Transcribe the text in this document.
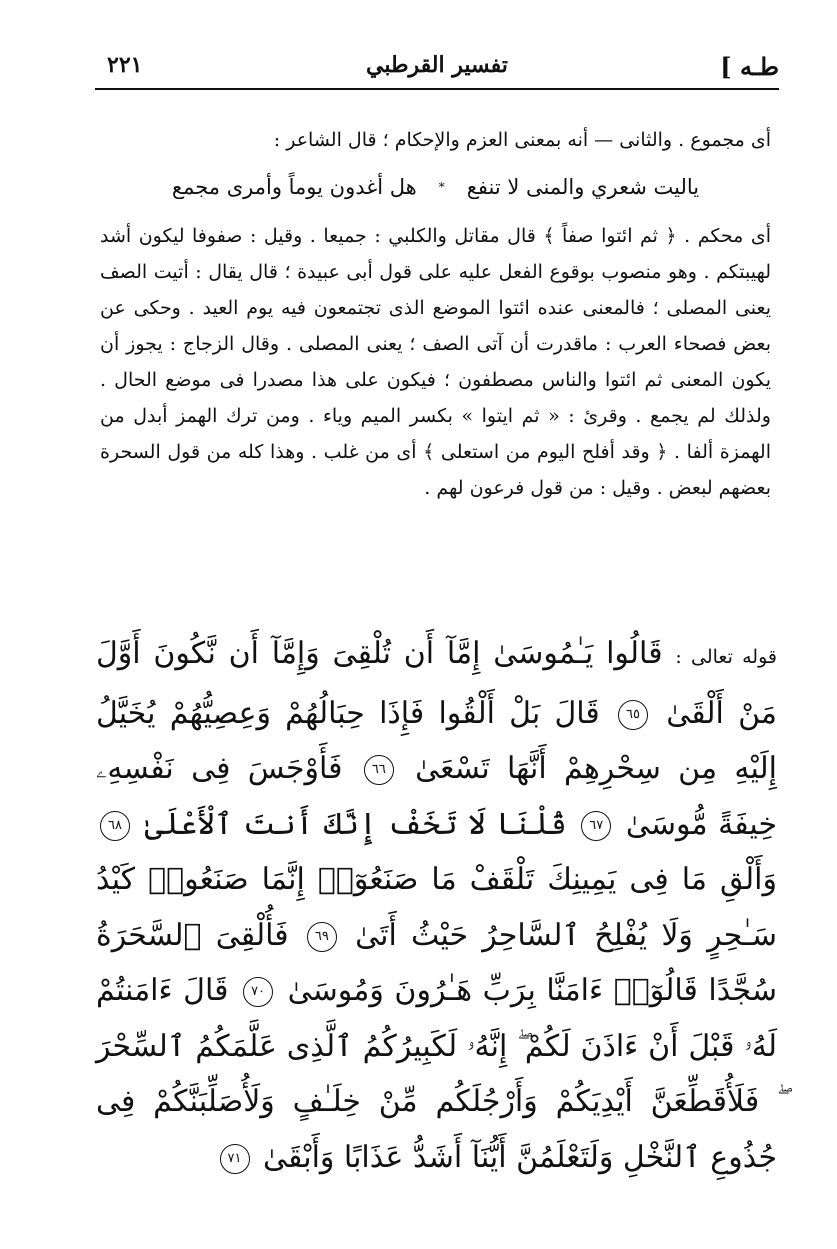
طـه ]
تفسير القرطبي
٢٢١

أى مجموع . والثانى — أنه بمعنى العزم والإحكام ؛ قال الشاعر :

ياليت شعري والمنى لا تنفع
*
هل أغدون يوماً وأمرى مجمع

أى محكم . ﴿ ثم ائتوا صفاً ﴾ قال مقاتل والكلبي : جميعا . وقيل : صفوفا ليكون أشد لهيبتكم . وهو منصوب بوقوع الفعل عليه على قول أبى عبيدة ؛ قال يقال : أتيت الصف يعنى المصلى ؛ فالمعنى عنده ائتوا الموضع الذى تجتمعون فيه يوم العيد . وحكى عن بعض فصحاء العرب : ماقدرت أن آتى الصف ؛ يعنى المصلى . وقال الزجاج : يجوز أن يكون المعنى ثم ائتوا والناس مصطفون ؛ فيكون على هذا مصدرا فى موضع الحال . ولذلك لم يجمع . وقرئ : « ثم ايتوا » بكسر الميم وياء . ومن ترك الهمز أبدل من الهمزة ألفا . ﴿ وقد أفلح اليوم من استعلى ﴾ أى من غلب . وهذا كله من قول السحرة بعضهم لبعض . وقيل : من قول فرعون لهم .

قوله تعالى : قَالُوا يَـٰمُوسَىٰ إِمَّآ أَن تُلْقِىَ وَإِمَّآ أَن نَّكُونَ أَوَّلَ مَنْ أَلْقَىٰ ٦٥ قَالَ بَلْ أَلْقُوا فَإِذَا حِبَالُهُمْ وَعِصِيُّهُمْ يُخَيَّلُ إِلَيْهِ مِن سِحْرِهِمْ أَنَّهَا تَسْعَىٰ ٦٦ فَأَوْجَسَ فِى نَفْسِهِۦ خِيفَةً مُّوسَىٰ ٦٧ قُلْنَا لَا تَخَفْ إِنَّكَ أَنتَ ٱلْأَعْلَىٰ ٦٨ وَأَلْقِ مَا فِى يَمِينِكَ تَلْقَفْ مَا صَنَعُوٓا۟ إِنَّمَا صَنَعُوا۟ كَيْدُ سَـٰحِرٍ وَلَا يُفْلِحُ ٱلسَّاحِرُ حَيْثُ أَتَىٰ ٦٩ فَأُلْقِىَ ٱلسَّحَرَةُ سُجَّدًا قَالُوٓا۟ ءَامَنَّا بِرَبِّ هَـٰرُونَ وَمُوسَىٰ ٧٠ قَالَ ءَامَنتُمْ لَهُۥ قَبْلَ أَنْ ءَاذَنَ لَكُمْ ۖ إِنَّهُۥ لَكَبِيرُكُمُ ٱلَّذِى عَلَّمَكُمُ ٱلسِّحْرَ ۖ فَلَأُقَطِّعَنَّ أَيْدِيَكُمْ وَأَرْجُلَكُم مِّنْ خِلَـٰفٍ وَلَأُصَلِّبَنَّكُمْ فِى جُذُوعِ ٱلنَّخْلِ وَلَتَعْلَمُنَّ أَيُّنَآ أَشَدُّ عَذَابًا وَأَبْقَىٰ ٧١
